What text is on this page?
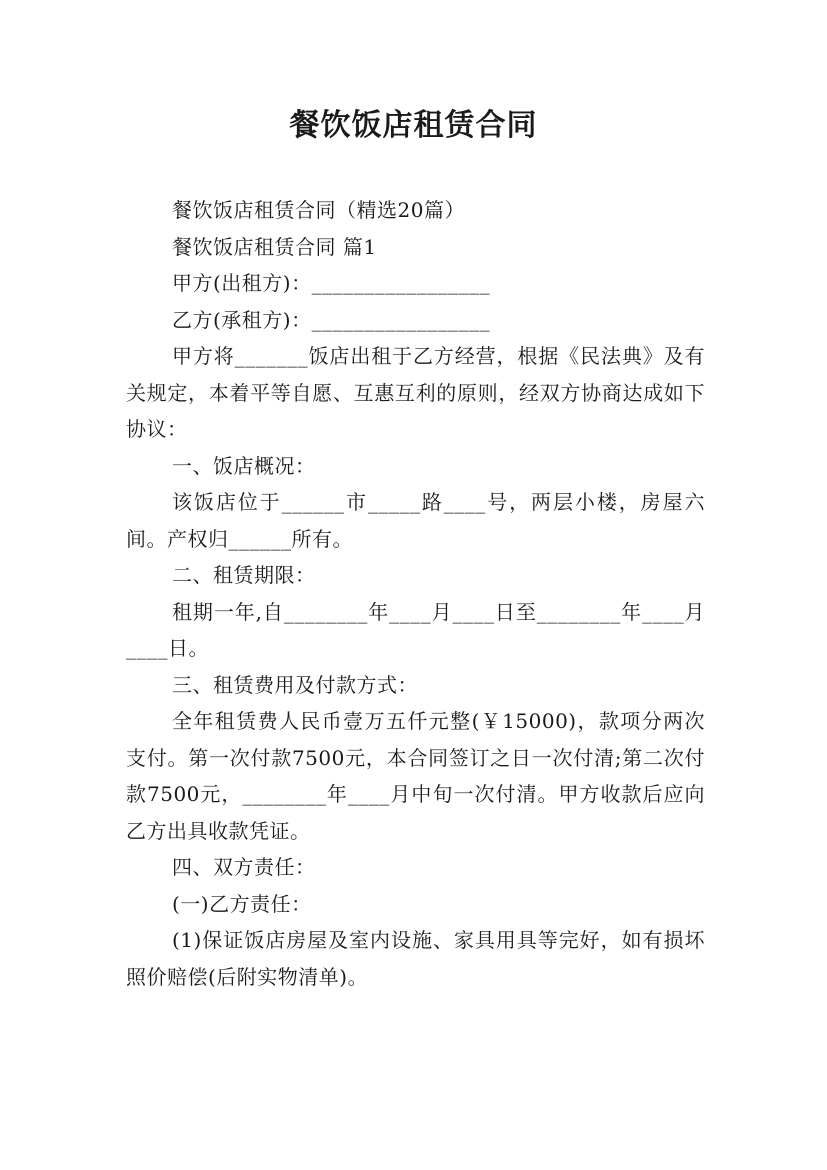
餐饮饭店租赁合同
餐饮饭店租赁合同（精选20篇）
餐饮饭店租赁合同 篇1
甲方(出租方)：_________________
乙方(承租方)：_________________
甲方将_______饭店出租于乙方经营，根据《民法典》及有关规定，本着平等自愿、互惠互利的原则，经双方协商达成如下协议：
一、饭店概况：
该饭店位于______市_____路____号，两层小楼，房屋六间。产权归______所有。
二、租赁期限：
租期一年,自________年____月____日至________年____月____日。
三、租赁费用及付款方式：
全年租赁费人民币壹万五仟元整(￥15000)，款项分两次支付。第一次付款7500元，本合同签订之日一次付清;第二次付款7500元，________年____月中旬一次付清。甲方收款后应向乙方出具收款凭证。
四、双方责任：
(一)乙方责任：
(1)保证饭店房屋及室内设施、家具用具等完好，如有损坏照价赔偿(后附实物清单)。
